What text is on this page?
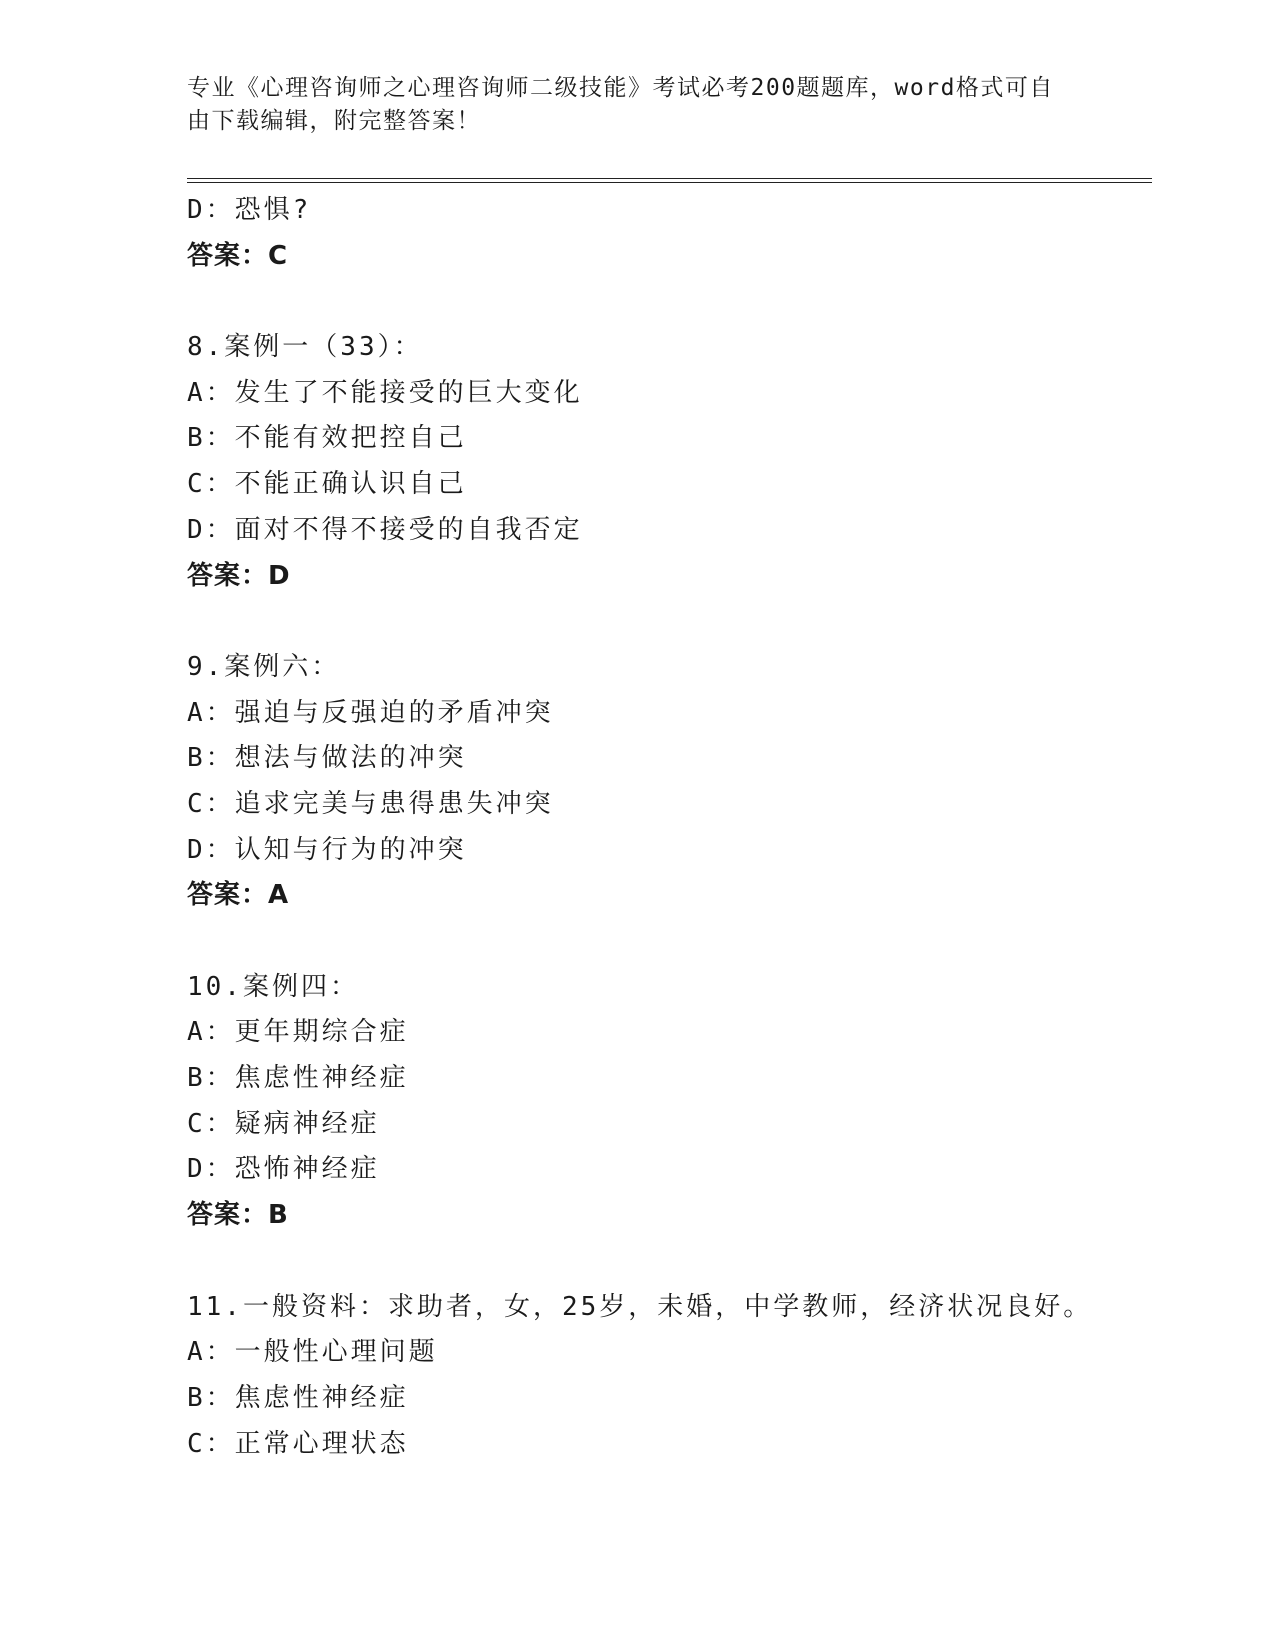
专业《心理咨询师之心理咨询师二级技能》考试必考200题题库，word格式可自
由下载编辑，附完整答案！
D：恐惧?
答案：C
8.案例一（33）：
A：发生了不能接受的巨大变化
B：不能有效把控自己
C：不能正确认识自己
D：面对不得不接受的自我否定
答案：D
9.案例六：
A：强迫与反强迫的矛盾冲突
B：想法与做法的冲突
C：追求完美与患得患失冲突
D：认知与行为的冲突
答案：A
10.案例四：
A：更年期综合症
B：焦虑性神经症
C：疑病神经症
D：恐怖神经症
答案：B
11.一般资料：求助者，女，25岁，未婚，中学教师，经济状况良好。
A：一般性心理问题
B：焦虑性神经症
C：正常心理状态
